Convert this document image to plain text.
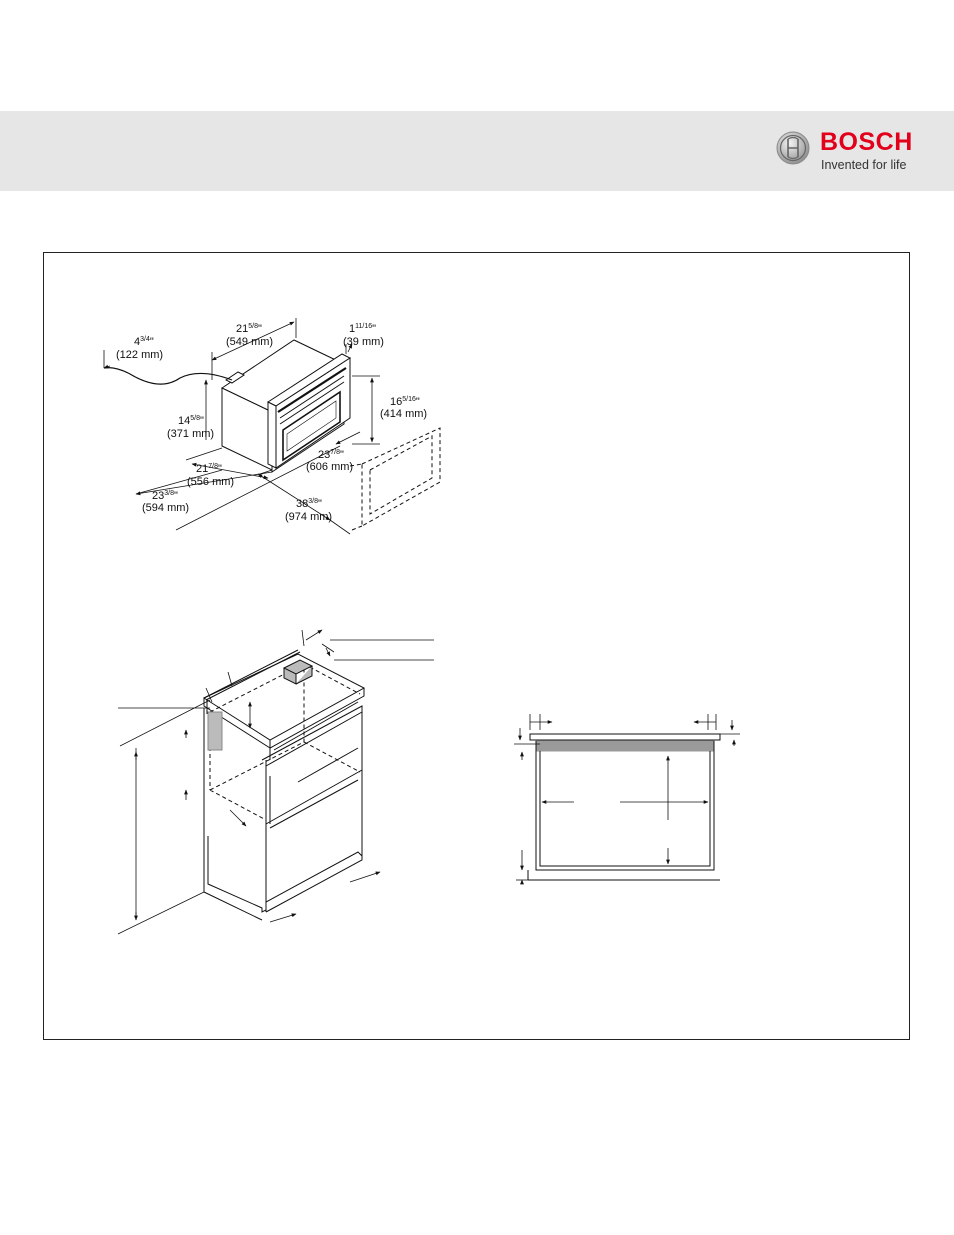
BOSCH
Invented for life
$21^{5/8}$"
(549 mm)
$1^{11/16}$"
(39 mm)
$4^{3/4}$"
(122 mm)
$16^{5/16}$"
(414 mm)
$14^{5/8}$"
(371 mm)
$21^{7/8}$"
(556 mm)
$23^{7/8}$"
(606 mm)
$23^{3/8}$"
(594 mm)	$38^{3/8}$"
(974 mm)
